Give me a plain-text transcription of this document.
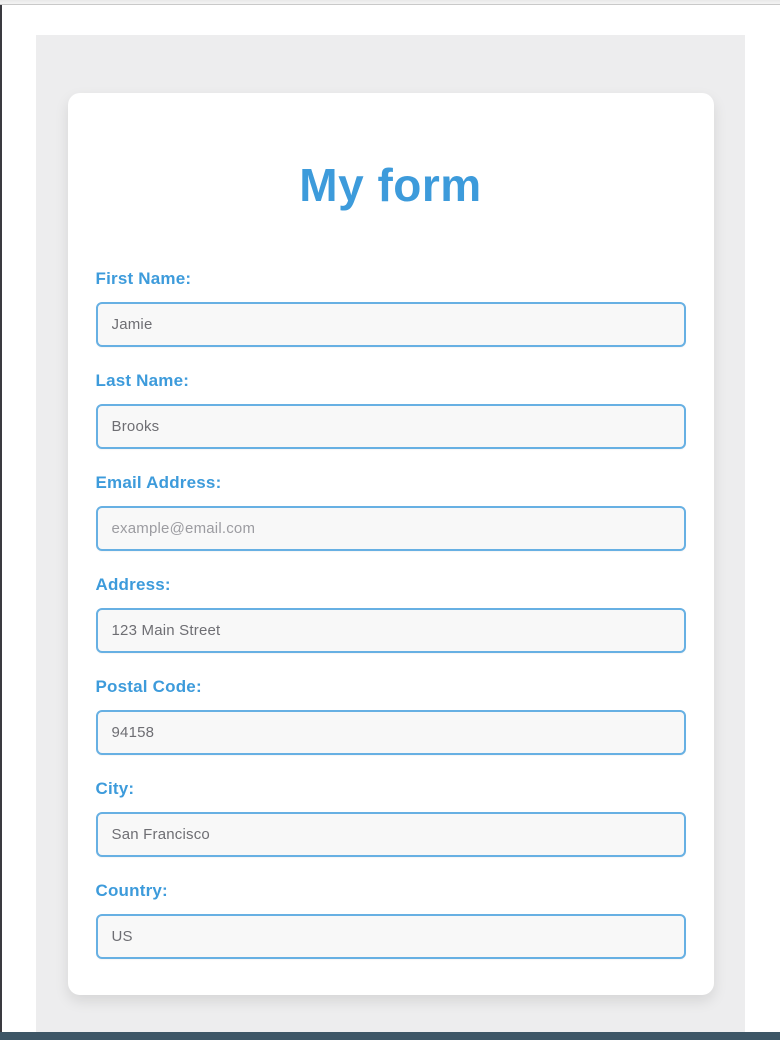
My form
First Name:
Jamie
Last Name:
Brooks
Email Address:
example@email.com
Address:
123 Main Street
Postal Code:
94158
City:
San Francisco
Country:
US
